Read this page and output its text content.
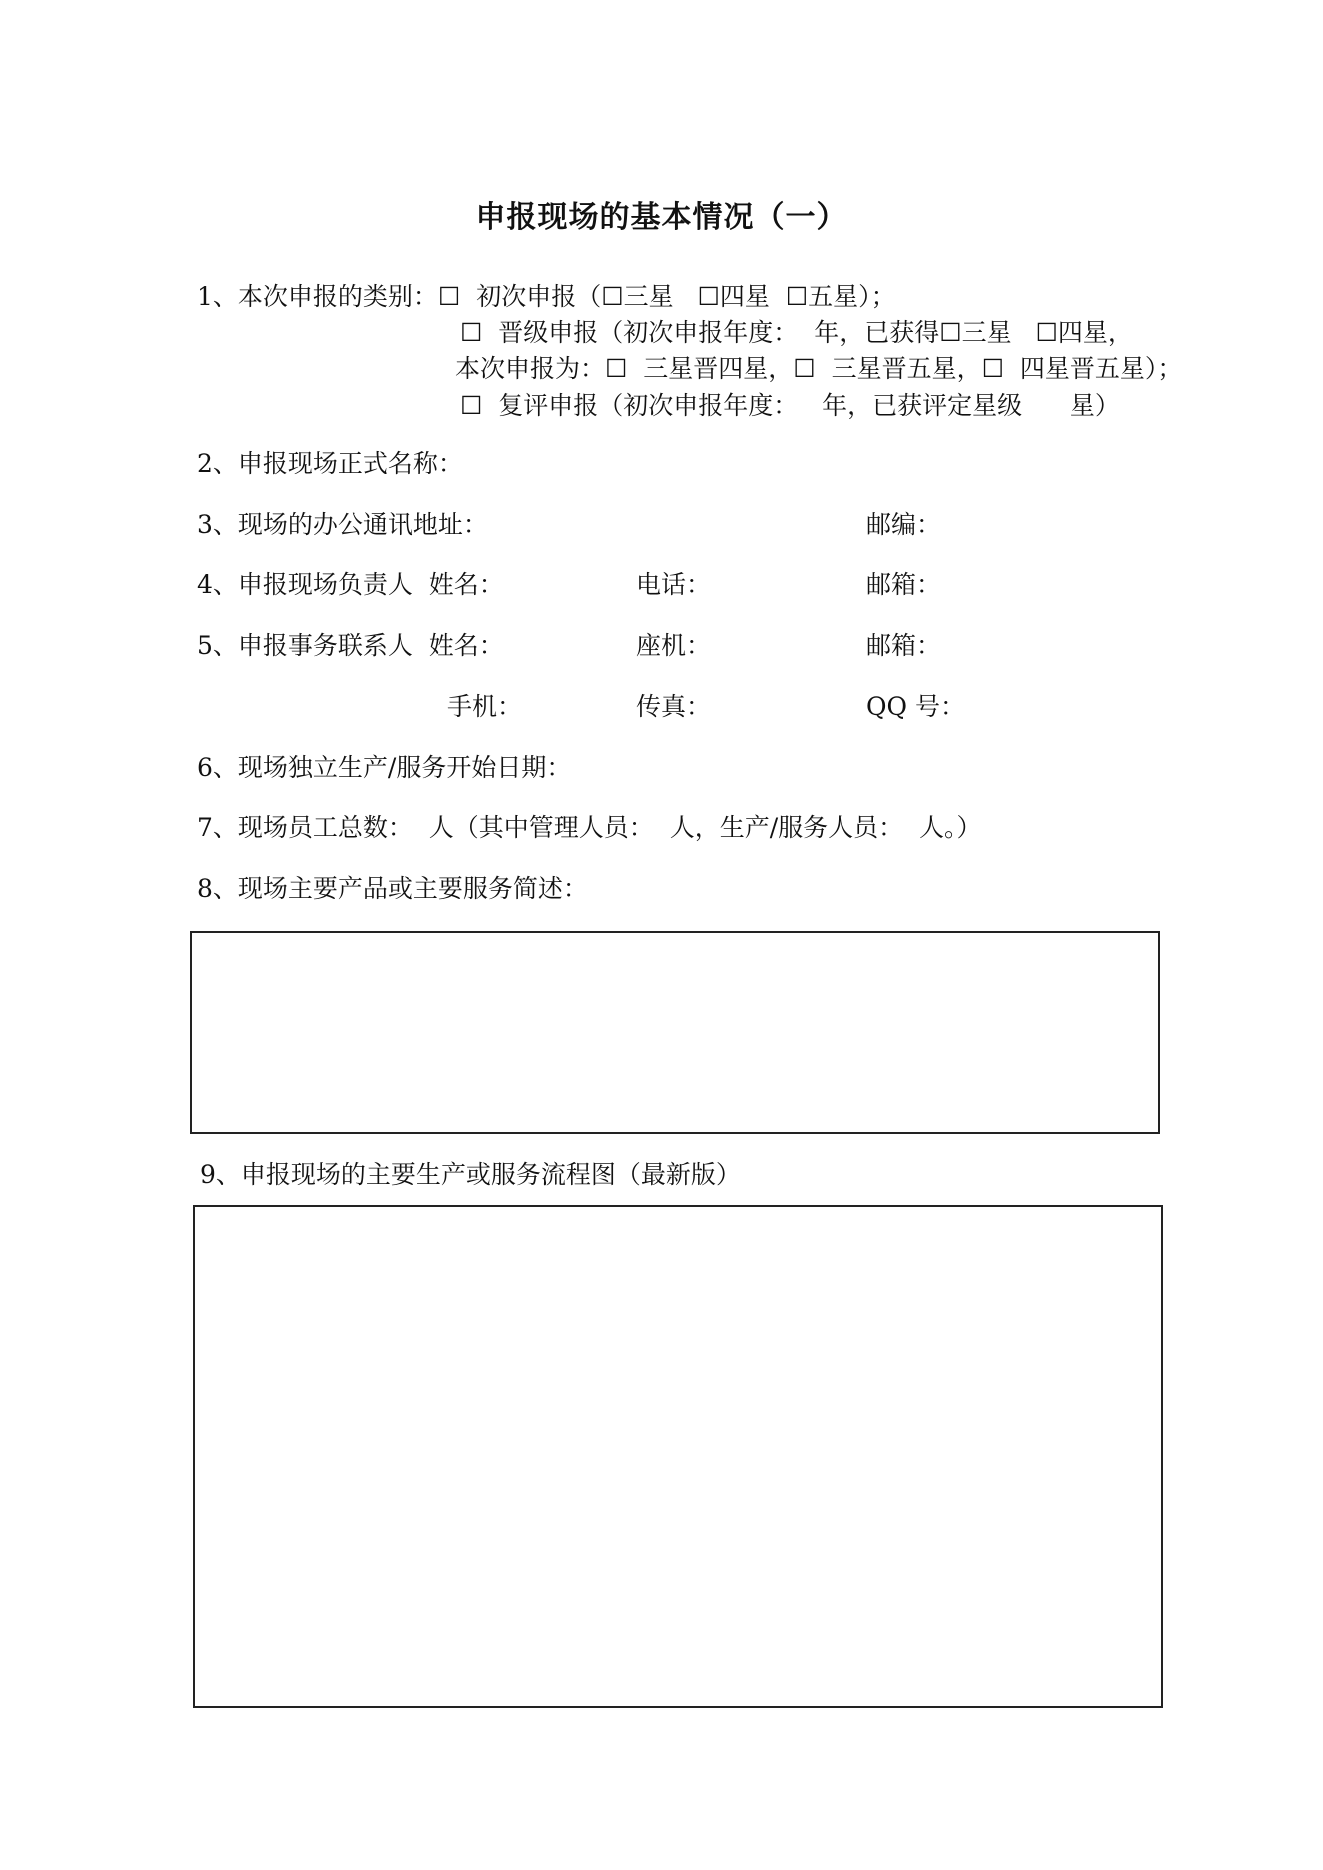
申报现场的基本情况（一）
1、本次申报的类别：☐  初次申报（☐三星   ☐四星  ☐五星）；
☐  晋级申报（初次申报年度：  年，已获得☐三星   ☐四星，
本次申报为：☐  三星晋四星，☐  三星晋五星，☐  四星晋五星）；
☐  复评申报（初次申报年度：   年，已获评定星级      星）
2、申报现场正式名称：
3、现场的办公通讯地址：	邮编：
4、申报现场负责人  姓名：	电话：	邮箱：
5、申报事务联系人  姓名：	座机：	邮箱：
手机：	传真：	QQ 号：
6、现场独立生产/服务开始日期：
7、现场员工总数：  人（其中管理人员：  人，生产/服务人员：  人。）
8、现场主要产品或主要服务简述：
9、申报现场的主要生产或服务流程图（最新版）
